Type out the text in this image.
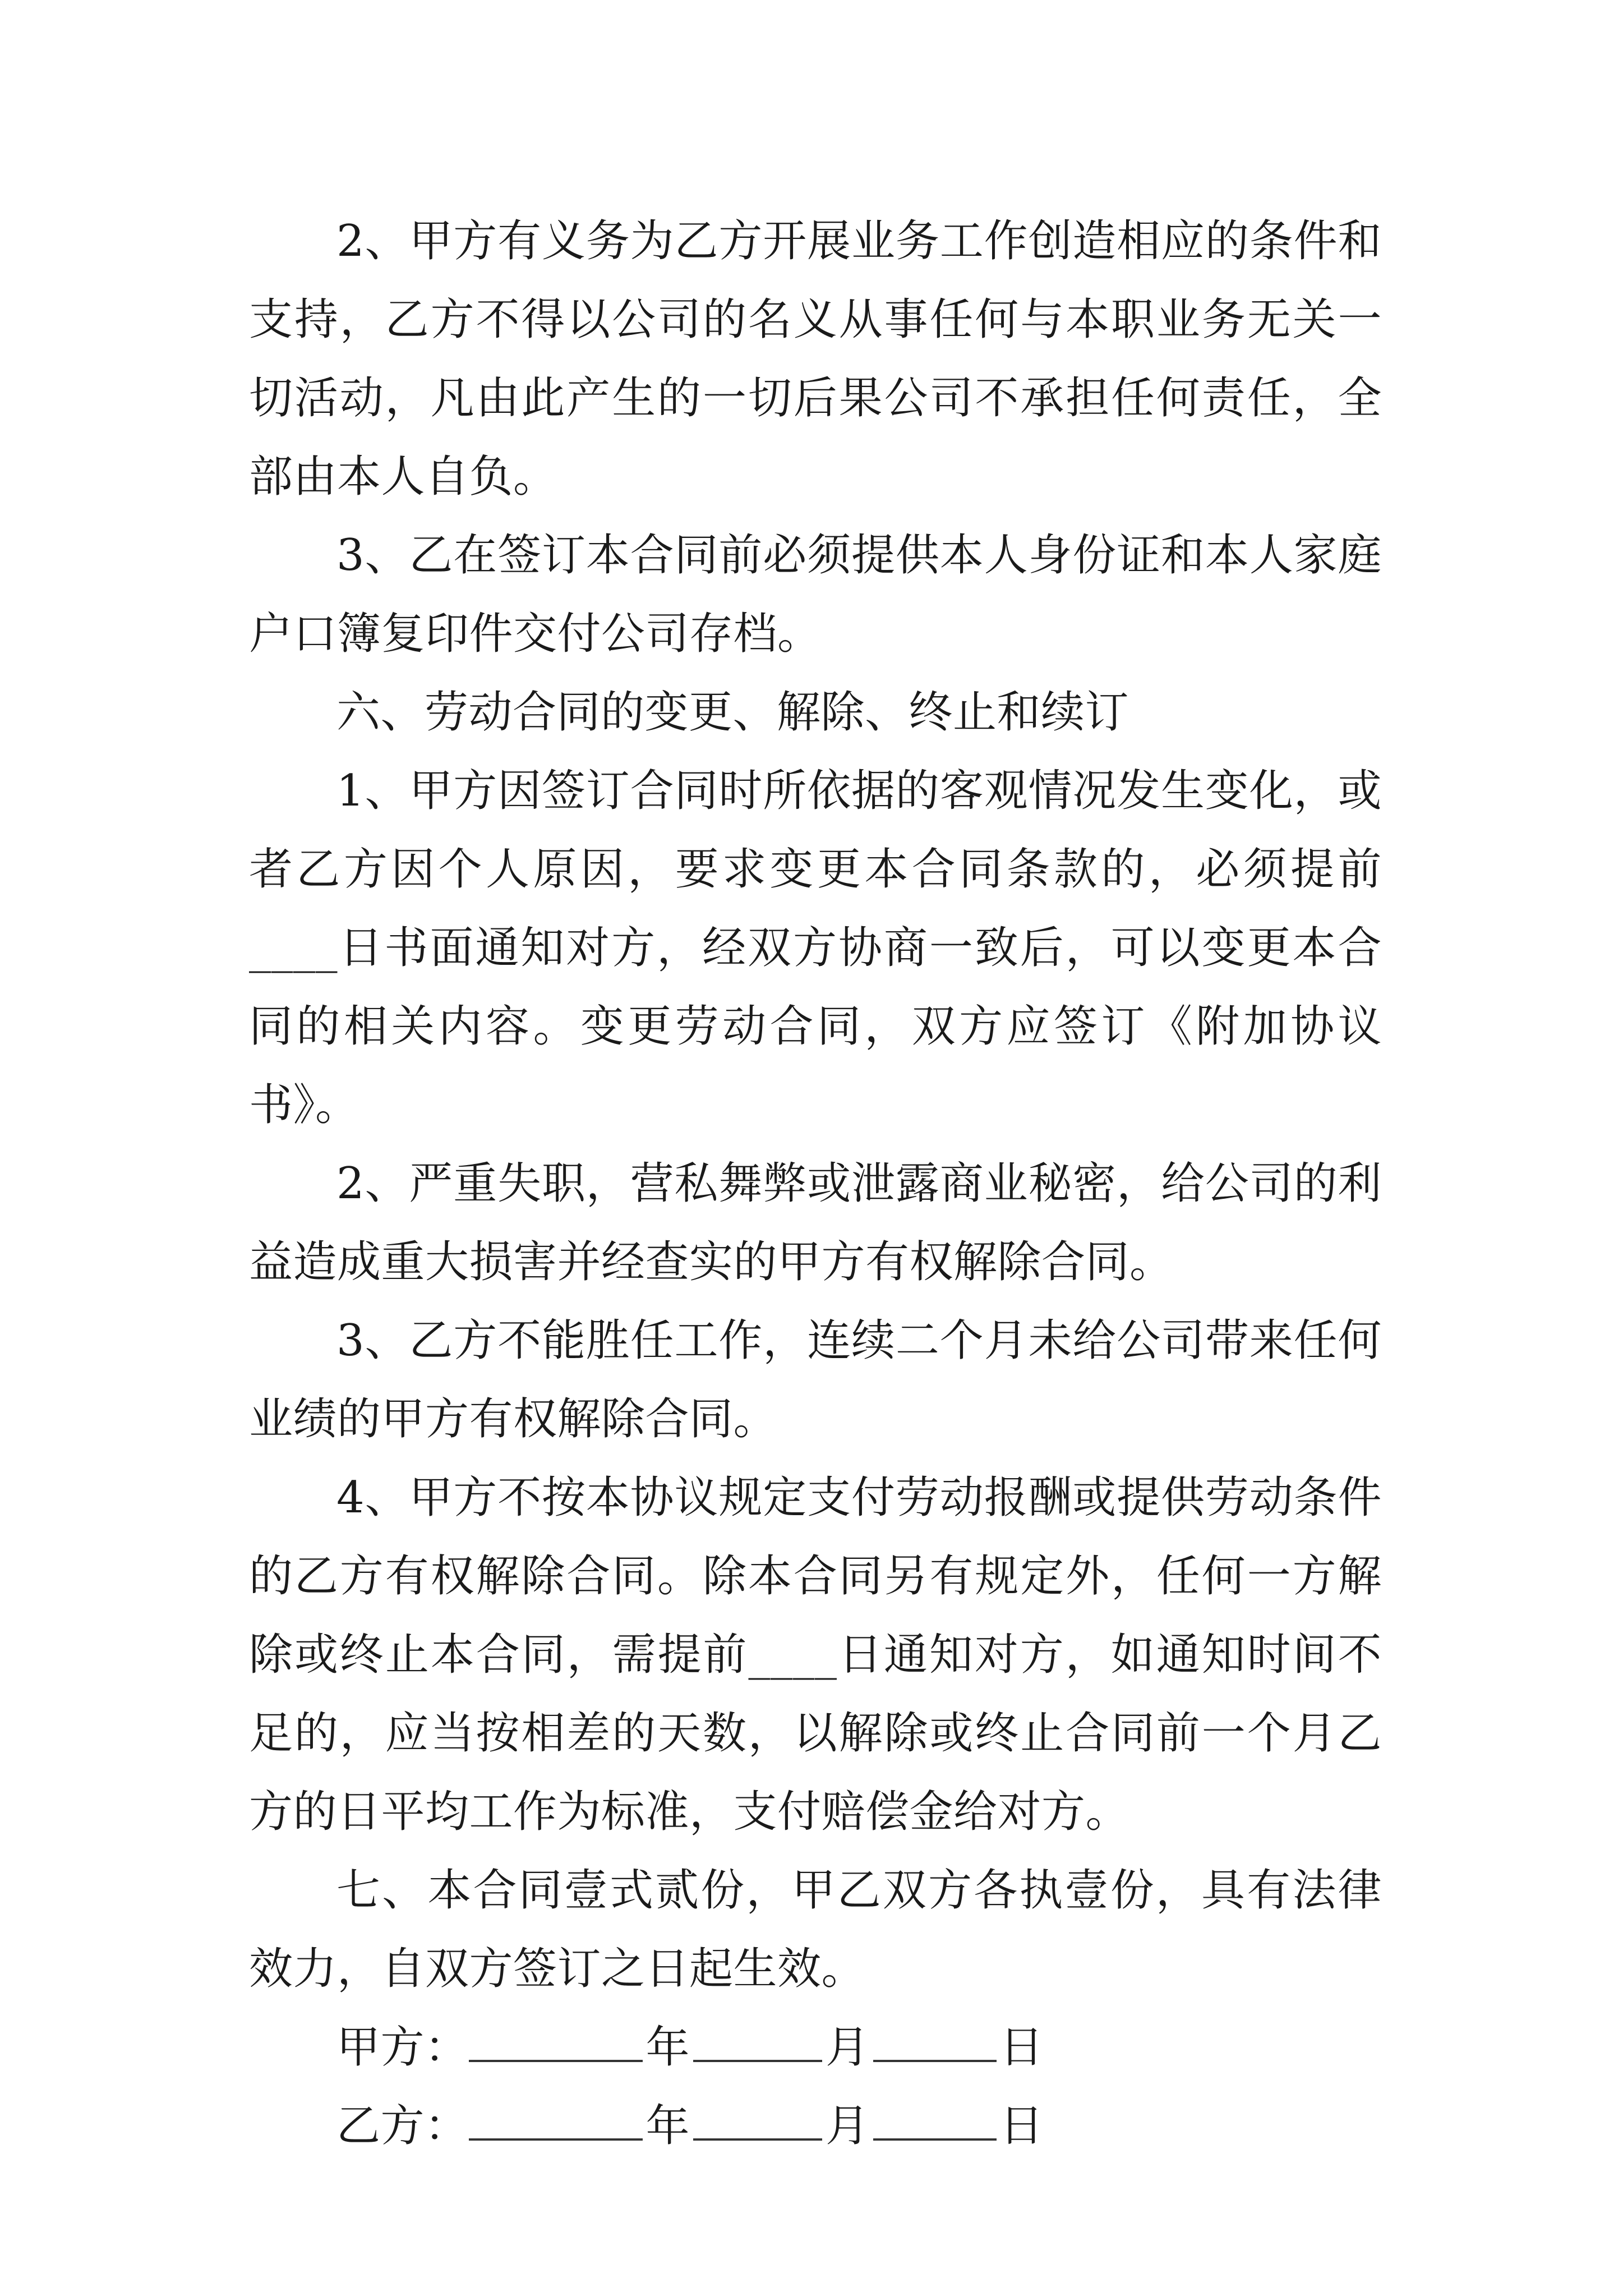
2、甲方有义务为乙方开展业务工作创造相应的条件和支持，乙方不得以公司的名义从事任何与本职业务无关一切活动，凡由此产生的一切后果公司不承担任何责任，全部由本人自负。

3、乙在签订本合同前必须提供本人身份证和本人家庭户口簿复印件交付公司存档。

六、劳动合同的变更、解除、终止和续订

1、甲方因签订合同时所依据的客观情况发生变化，或者乙方因个人原因，要求变更本合同条款的，必须提前____日书面通知对方，经双方协商一致后，可以变更本合同的相关内容。变更劳动合同，双方应签订《附加协议书》。

2、严重失职，营私舞弊或泄露商业秘密，给公司的利益造成重大损害并经查实的甲方有权解除合同。

3、乙方不能胜任工作，连续二个月未给公司带来任何业绩的甲方有权解除合同。

4、甲方不按本协议规定支付劳动报酬或提供劳动条件的乙方有权解除合同。除本合同另有规定外，任何一方解除或终止本合同，需提前____日通知对方，如通知时间不足的，应当按相差的天数，以解除或终止合同前一个月乙方的日平均工作为标准，支付赔偿金给对方。

七、本合同壹式贰份，甲乙双方各执壹份，具有法律效力，自双方签订之日起生效。

甲方：	年	月	日
乙方：	年	月	日
